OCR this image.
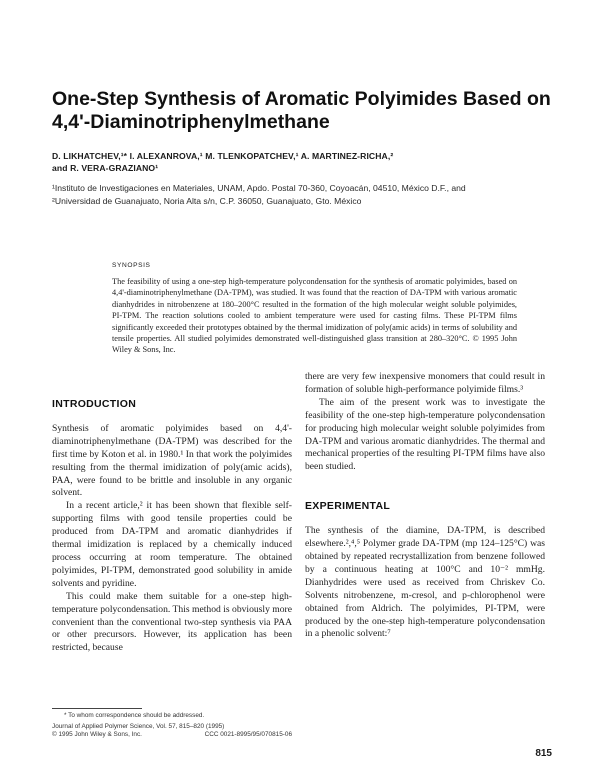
One-Step Synthesis of Aromatic Polyimides Based on 4,4'-Diaminotriphenylmethane
D. LIKHATCHEV,¹* I. ALEXANROVA,¹ M. TLENKOPATCHEV,¹ A. MARTINEZ-RICHA,²
and R. VERA-GRAZIANO¹
¹Instituto de Investigaciones en Materiales, UNAM, Apdo. Postal 70-360, Coyoacán, 04510, México D.F., and
²Universidad de Guanajuato, Noria Alta s/n, C.P. 36050, Guanajuato, Gto. México
SYNOPSIS
The feasibility of using a one-step high-temperature polycondensation for the synthesis of aromatic polyimides, based on 4,4'-diaminotriphenylmethane (DA-TPM), was studied. It was found that the reaction of DA-TPM with various aromatic dianhydrides in nitrobenzene at 180–200°C resulted in the formation of the high molecular weight soluble polyimides, PI-TPM. The reaction solutions cooled to ambient temperature were used for casting films. These PI-TPM films significantly exceeded their prototypes obtained by the thermal imidization of poly(amic acids) in terms of solubility and tensile properties. All studied polyimides demonstrated well-distinguished glass transition at 280–320°C. © 1995 John Wiley & Sons, Inc.
INTRODUCTION

Synthesis of aromatic polyimides based on 4,4'-diaminotriphenylmethane (DA-TPM) was described for the first time by Koton et al. in 1980.¹ In that work the polyimides resulting from the thermal imidization of poly(amic acids), PAA, were found to be brittle and insoluble in any organic solvent.

In a recent article,² it has been shown that flexible self-supporting films with good tensile properties could be produced from DA-TPM and aromatic dianhydrides if thermal imidization is replaced by a chemically induced process occurring at room temperature. The obtained polyimides, PI-TPM, demonstrated good solubility in amide solvents and pyridine.

This could make them suitable for a one-step high-temperature polycondensation. This method is obviously more convenient than the conventional two-step synthesis via PAA or other precursors. However, its application has been restricted, because

* To whom correspondence should be addressed.
Journal of Applied Polymer Science, Vol. 57, 815–820 (1995)
© 1995 John Wiley & Sons, Inc.	CCC 0021-8995/95/070815-06

there are very few inexpensive monomers that could result in formation of soluble high-performance polyimide films.³

The aim of the present work was to investigate the feasibility of the one-step high-temperature polycondensation for producing high molecular weight soluble polyimides from DA-TPM and various aromatic dianhydrides. The thermal and mechanical properties of the resulting PI-TPM films have also been studied.

EXPERIMENTAL

The synthesis of the diamine, DA-TPM, is described elsewhere.²,⁴,⁵ Polymer grade DA-TPM (mp 124–125°C) was obtained by repeated recrystallization from benzene followed by a continuous heating at 100°C and 10⁻² mmHg. Dianhydrides were used as received from Chriskev Co. Solvents nitrobenzene, m-cresol, and p-chlorophenol were obtained from Aldrich. The polyimides, PI-TPM, were produced by the one-step high-temperature polycondensation in a phenolic solvent:⁷

815
